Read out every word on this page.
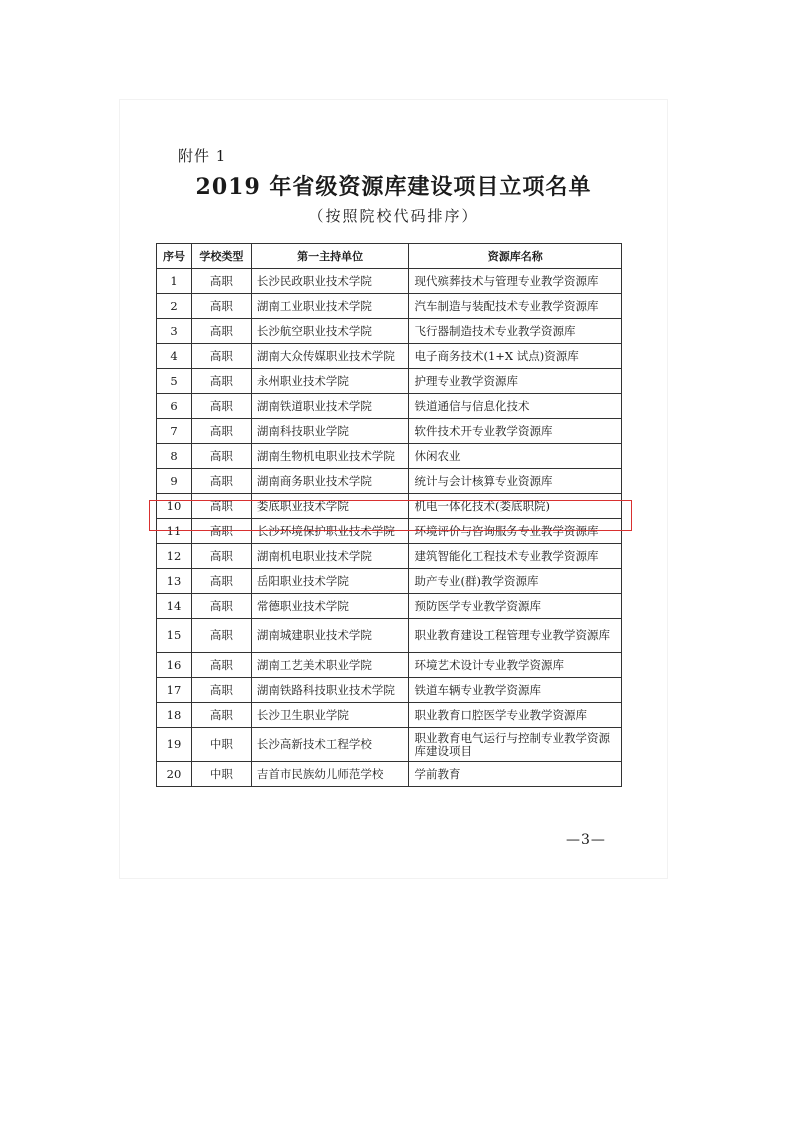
附件 1
2019 年省级资源库建设项目立项名单
（按照院校代码排序）
序号	学校类型	第一主持单位	资源库名称
1	高职	长沙民政职业技术学院	现代殡葬技术与管理专业教学资源库
2	高职	湖南工业职业技术学院	汽车制造与装配技术专业教学资源库
3	高职	长沙航空职业技术学院	飞行器制造技术专业教学资源库
4	高职	湖南大众传媒职业技术学院	电子商务技术(1+X 试点)资源库
5	高职	永州职业技术学院	护理专业教学资源库
6	高职	湖南铁道职业技术学院	铁道通信与信息化技术
7	高职	湖南科技职业学院	软件技术开专业教学资源库
8	高职	湖南生物机电职业技术学院	休闲农业
9	高职	湖南商务职业技术学院	统计与会计核算专业资源库
10	高职	娄底职业技术学院	机电一体化技术(娄底职院)
11	高职	长沙环境保护职业技术学院	环境评价与咨询服务专业教学资源库
12	高职	湖南机电职业技术学院	建筑智能化工程技术专业教学资源库
13	高职	岳阳职业技术学院	助产专业(群)教学资源库
14	高职	常德职业技术学院	预防医学专业教学资源库
15	高职	湖南城建职业技术学院	职业教育建设工程管理专业教学资源库
16	高职	湖南工艺美术职业学院	环境艺术设计专业教学资源库
17	高职	湖南铁路科技职业技术学院	铁道车辆专业教学资源库
18	高职	长沙卫生职业学院	职业教育口腔医学专业教学资源库
19	中职	长沙高新技术工程学校	职业教育电气运行与控制专业教学资源库建设项目
20	中职	吉首市民族幼儿师范学校	学前教育
—3—
